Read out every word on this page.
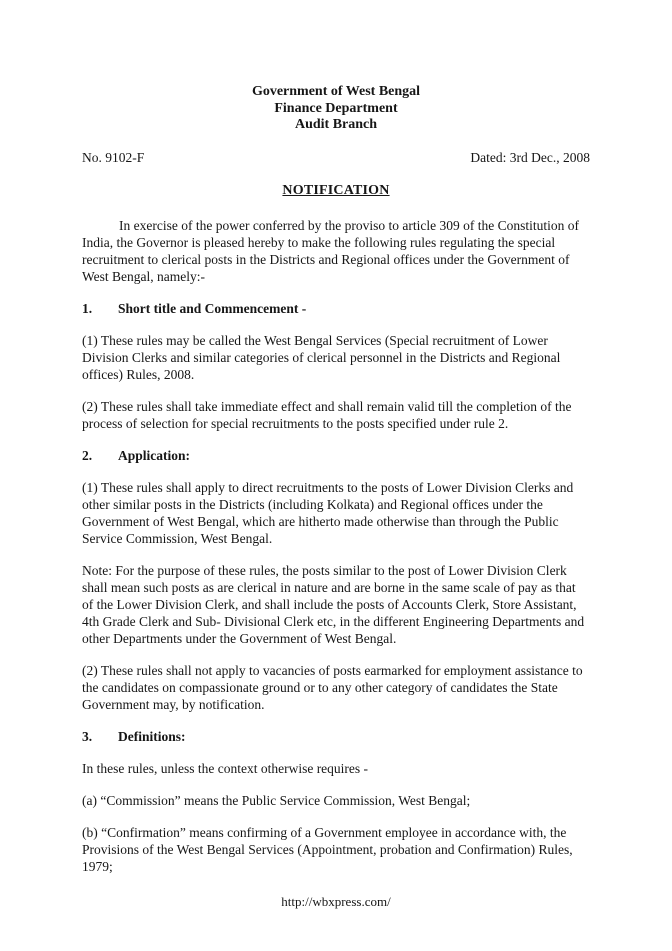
Government of West Bengal
Finance Department
Audit Branch
No. 9102-F	Dated: 3rd Dec., 2008
NOTIFICATION

In exercise of the power conferred by the proviso to article 309 of the Constitution of India, the Governor is pleased hereby to make the following rules regulating the special recruitment to clerical posts in the Districts and Regional offices under the Government of West Bengal, namely:-

1.	Short title and Commencement -

(1) These rules may be called the West Bengal Services (Special recruitment of Lower Division Clerks and similar categories of clerical personnel in the Districts and Regional offices) Rules, 2008.

(2) These rules shall take immediate effect and shall remain valid till the completion of the process of selection for special recruitments to the posts specified under rule 2.

2.	Application:

(1) These rules shall apply to direct recruitments to the posts of Lower Division Clerks and other similar posts in the Districts (including Kolkata) and Regional offices under the Government of West Bengal, which are hitherto made otherwise than through the Public Service Commission, West Bengal.

Note: For the purpose of these rules, the posts similar to the post of Lower Division Clerk shall mean such posts as are clerical in nature and are borne in the same scale of pay as that of the Lower Division Clerk, and shall include the posts of Accounts Clerk, Store Assistant, 4th Grade Clerk and Sub- Divisional Clerk etc, in the different Engineering Departments and other Departments under the Government of West Bengal.

(2) These rules shall not apply to vacancies of posts earmarked for employment assistance to the candidates on compassionate ground or to any other category of candidates the State Government may, by notification.

3.	Definitions:

In these rules, unless the context otherwise requires -

(a) “Commission” means the Public Service Commission, West Bengal;

(b) “Confirmation” means confirming of a Government employee in accordance with, the Provisions of the West Bengal Services (Appointment, probation and Confirmation) Rules, 1979;

http://wbxpress.com/
